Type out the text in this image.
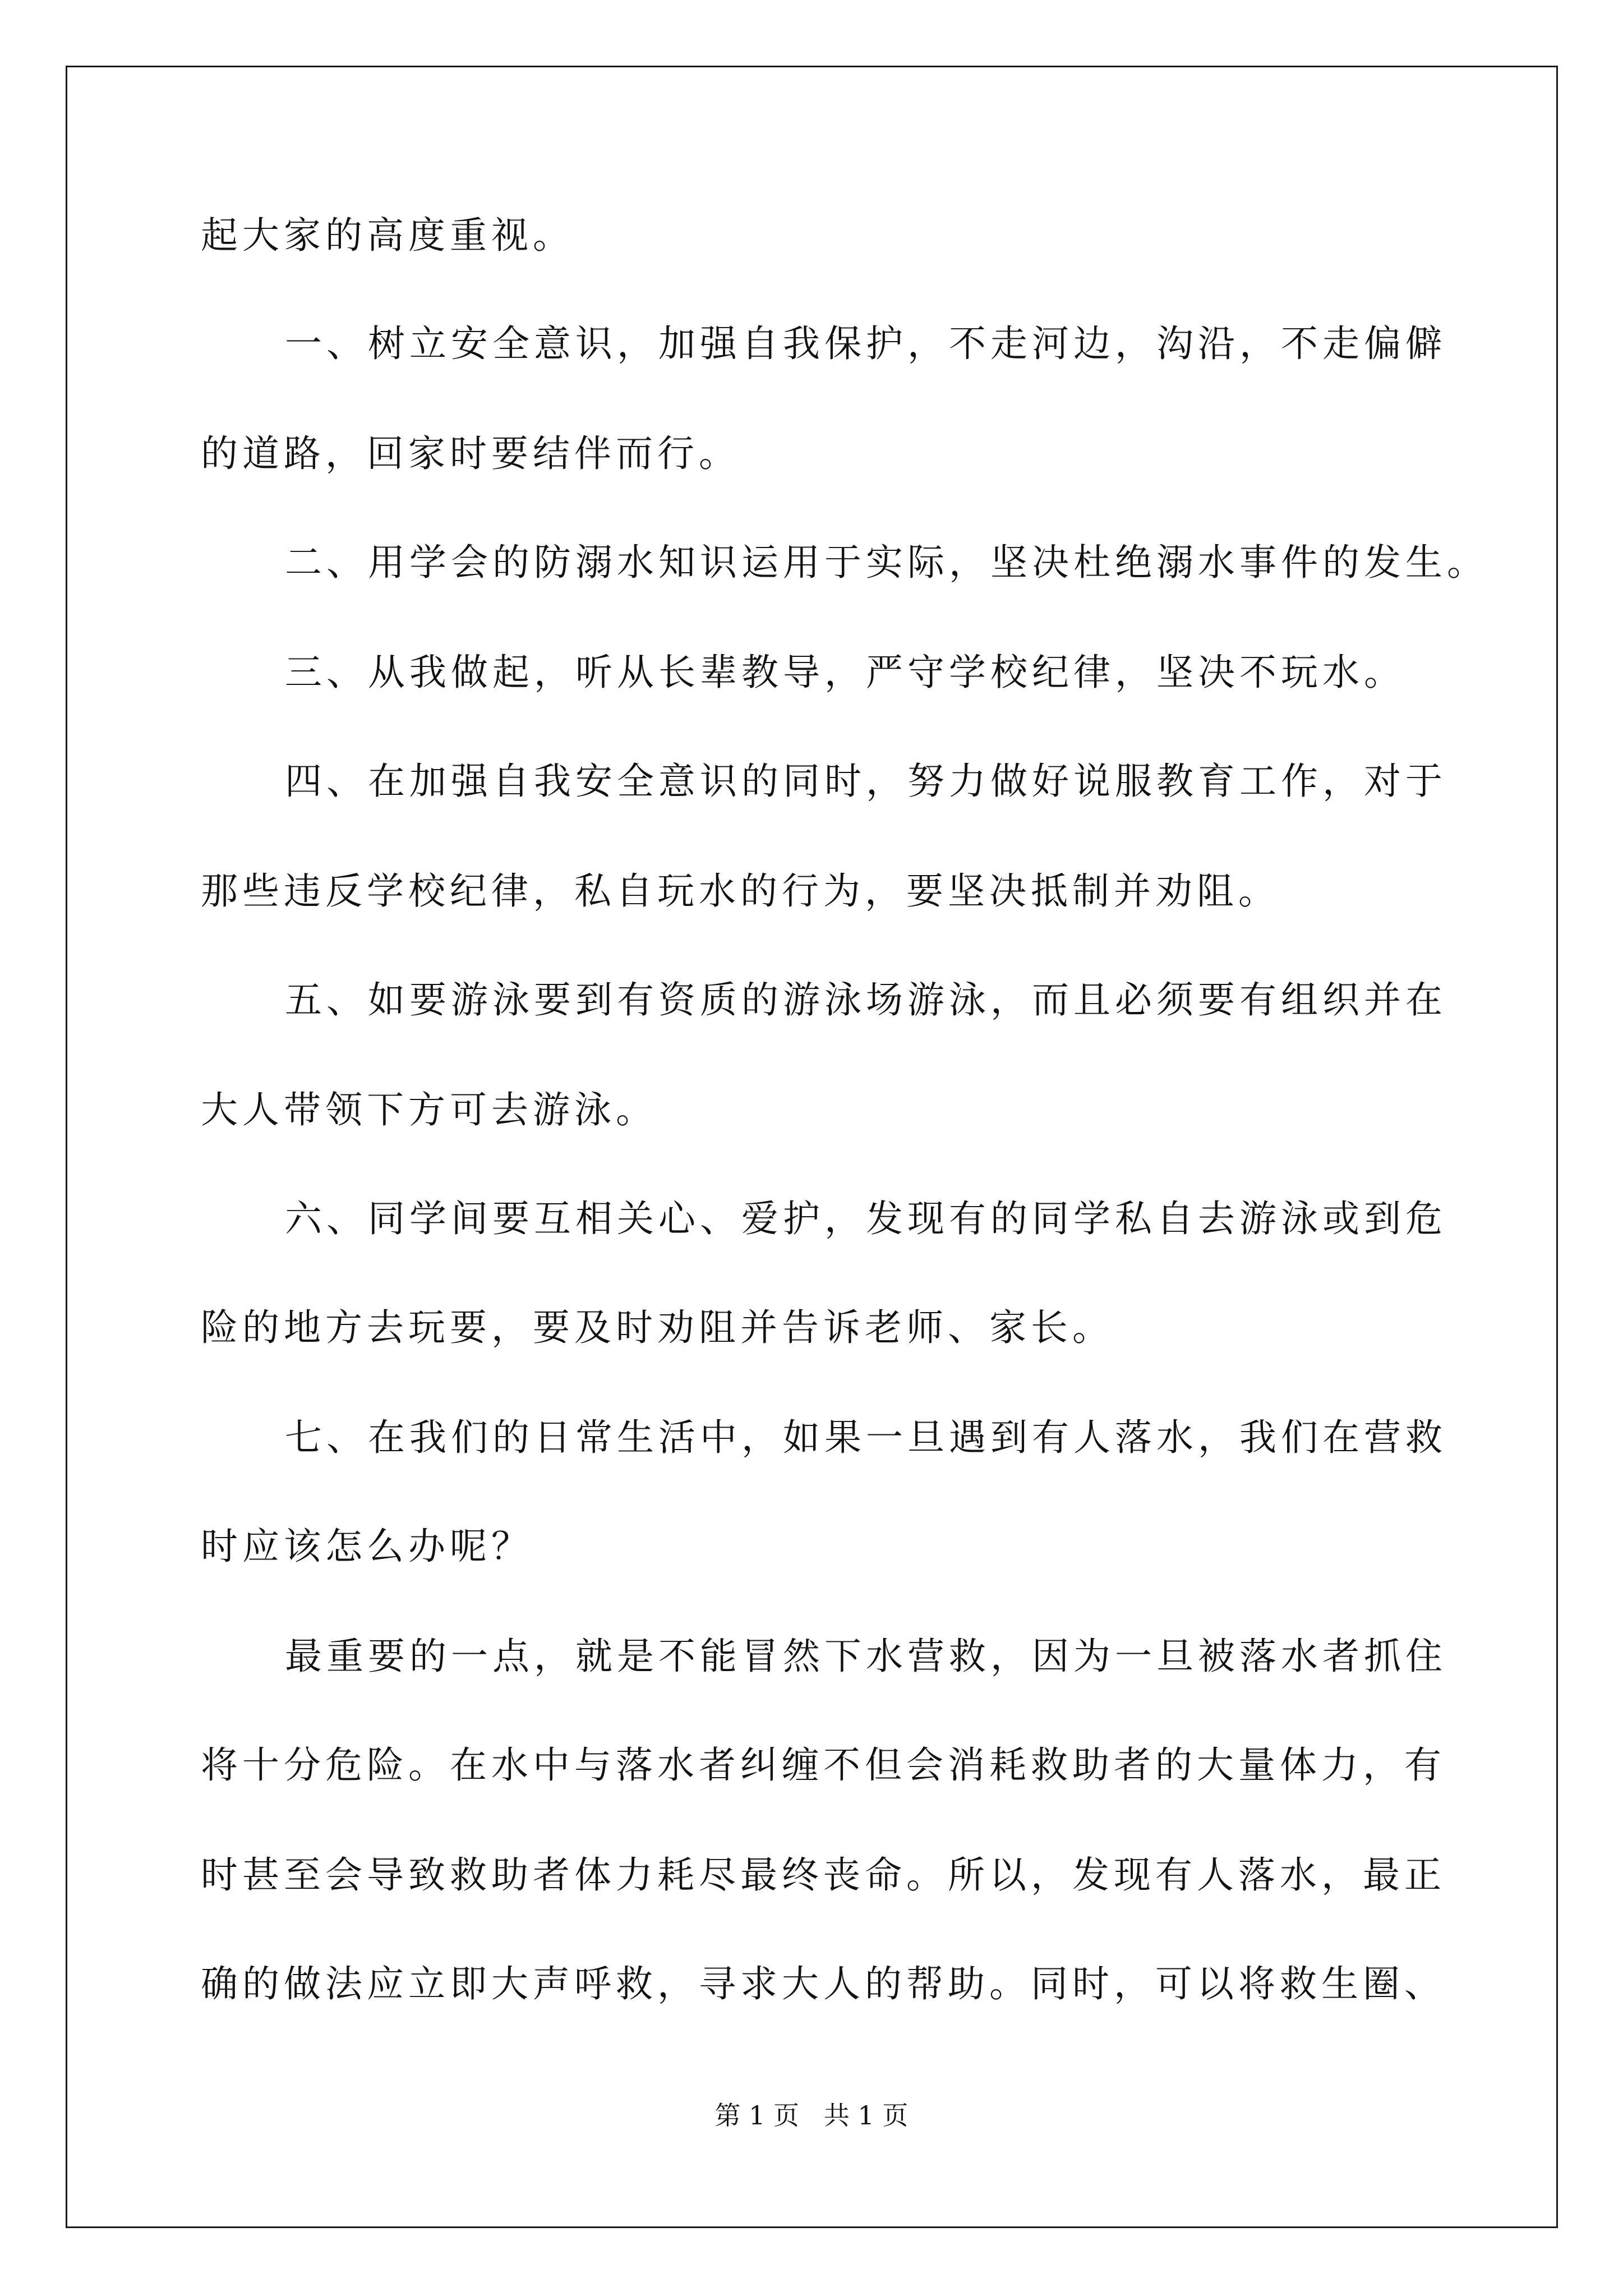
起大家的高度重视。
一、树立安全意识，加强自我保护，不走河边，沟沿，不走偏僻
的道路，回家时要结伴而行。
二、用学会的防溺水知识运用于实际，坚决杜绝溺水事件的发生。
三、从我做起，听从长辈教导，严守学校纪律，坚决不玩水。
四、在加强自我安全意识的同时，努力做好说服教育工作，对于
那些违反学校纪律，私自玩水的行为，要坚决抵制并劝阻。
五、如要游泳要到有资质的游泳场游泳，而且必须要有组织并在
大人带领下方可去游泳。
六、同学间要互相关心、爱护，发现有的同学私自去游泳或到危
险的地方去玩要，要及时劝阻并告诉老师、家长。
七、在我们的日常生活中，如果一旦遇到有人落水，我们在营救
时应该怎么办呢？
最重要的一点，就是不能冒然下水营救，因为一旦被落水者抓住
将十分危险。在水中与落水者纠缠不但会消耗救助者的大量体力，有
时甚至会导致救助者体力耗尽最终丧命。所以，发现有人落水，最正
确的做法应立即大声呼救，寻求大人的帮助。同时，可以将救生圈、
第 1 页   共 1 页
